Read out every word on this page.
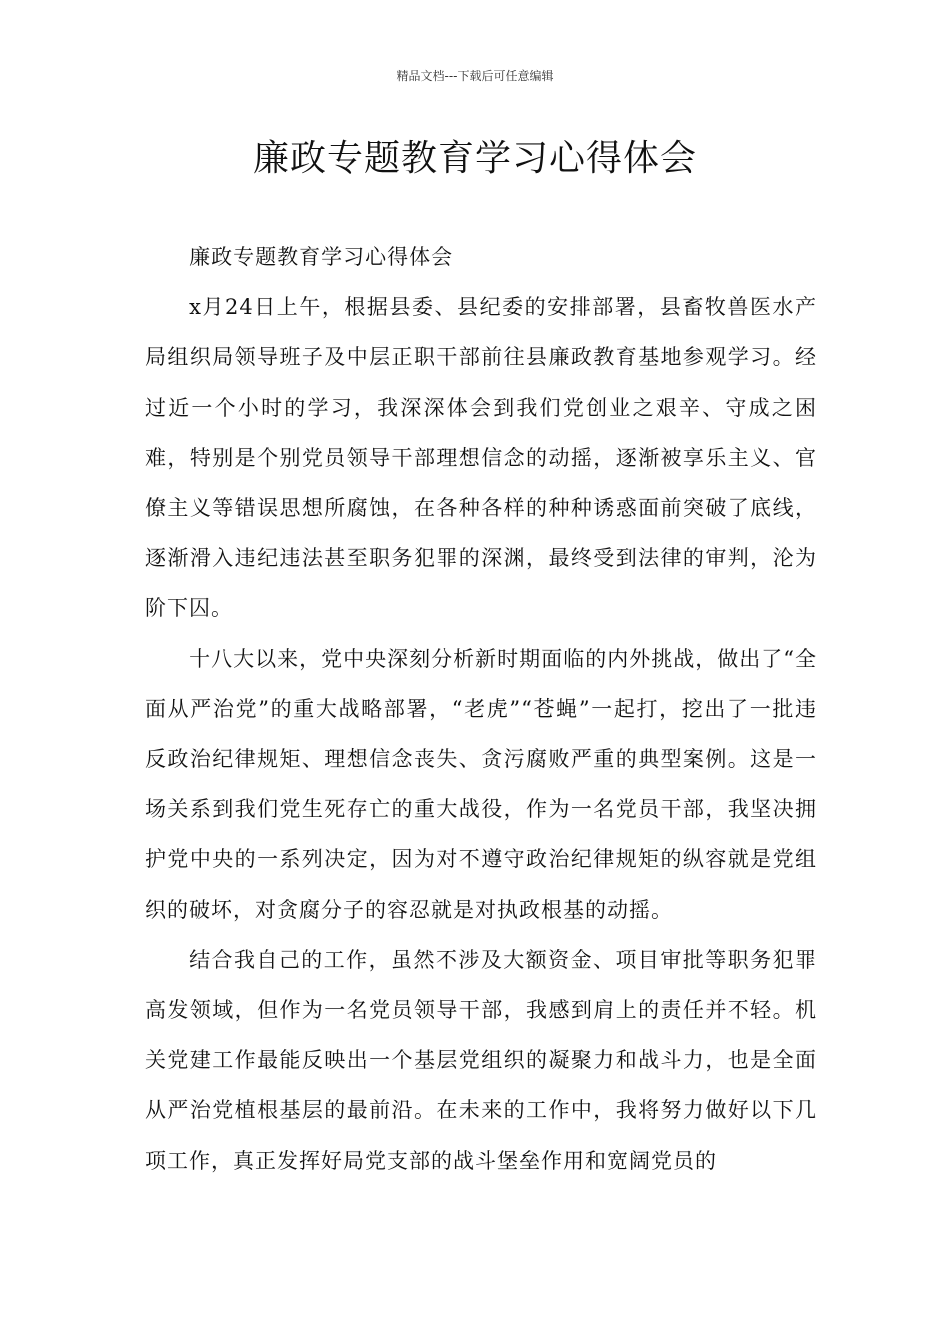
精品文档---下载后可任意编辑
廉政专题教育学习心得体会

廉政专题教育学习心得体会

x月24日上午，根据县委、县纪委的安排部署，县畜牧兽医水产局组织局领导班子及中层正职干部前往县廉政教育基地参观学习。经过近一个小时的学习，我深深体会到我们党创业之艰辛、守成之困难，特别是个别党员领导干部理想信念的动摇，逐渐被享乐主义、官僚主义等错误思想所腐蚀，在各种各样的种种诱惑面前突破了底线，逐渐滑入违纪违法甚至职务犯罪的深渊，最终受到法律的审判，沦为阶下囚。

十八大以来，党中央深刻分析新时期面临的内外挑战，做出了“全面从严治党”的重大战略部署，“老虎”“苍蝇”一起打，挖出了一批违反政治纪律规矩、理想信念丧失、贪污腐败严重的典型案例。这是一场关系到我们党生死存亡的重大战役，作为一名党员干部，我坚决拥护党中央的一系列决定，因为对不遵守政治纪律规矩的纵容就是党组织的破坏，对贪腐分子的容忍就是对执政根基的动摇。

结合我自己的工作，虽然不涉及大额资金、项目审批等职务犯罪高发领域，但作为一名党员领导干部，我感到肩上的责任并不轻。机关党建工作最能反映出一个基层党组织的凝聚力和战斗力，也是全面从严治党植根基层的最前沿。在未来的工作中，我将努力做好以下几项工作，真正发挥好局党支部的战斗堡垒作用和宽阔党员的
